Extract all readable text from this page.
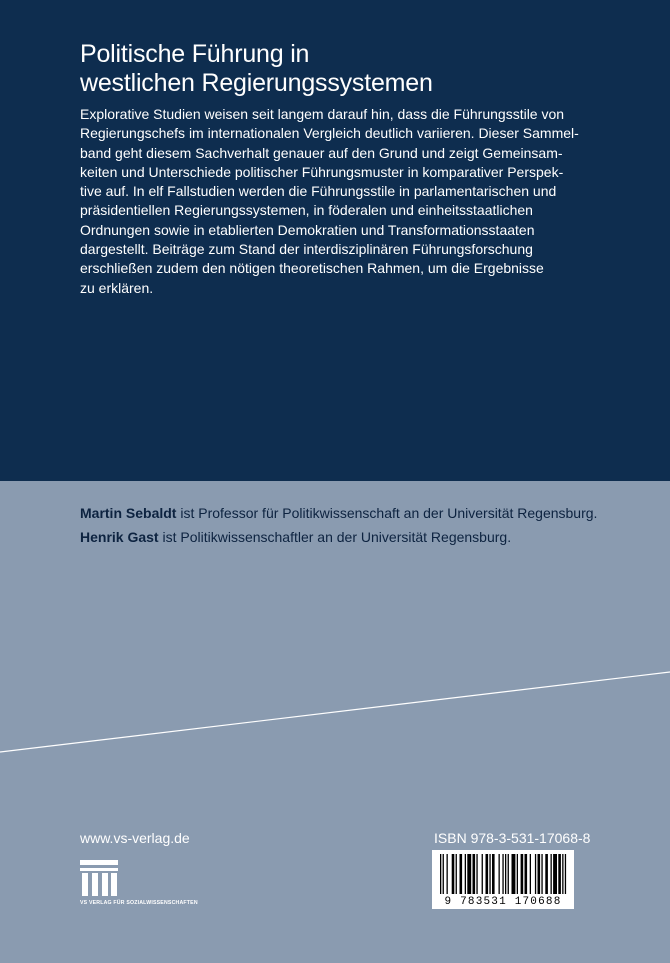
Politische Führung in
westlichen Regierungssystemen
Explorative Studien weisen seit langem darauf hin, dass die Führungsstile von
Regierungschefs im internationalen Vergleich deutlich variieren. Dieser Sammel-
band geht diesem Sachverhalt genauer auf den Grund und zeigt Gemeinsam-
keiten und Unterschiede politischer Führungsmuster in komparativer Perspek-
tive auf. In elf Fallstudien werden die Führungsstile in parlamentarischen und
präsidentiellen Regierungssystemen, in föderalen und einheitsstaatlichen
Ordnungen sowie in etablierten Demokratien und Transformationsstaaten
dargestellt. Beiträge zum Stand der interdisziplinären Führungsforschung
erschließen zudem den nötigen theoretischen Rahmen, um die Ergebnisse
zu erklären.

Martin Sebaldt ist Professor für Politikwissenschaft an der Universität Regensburg.

Henrik Gast ist Politikwissenschaftler an der Universität Regensburg.

www.vs-verlag.de
VS VERLAG FÜR SOZIALWISSENSCHAFTEN
ISBN 978-3-531-17068-8
9 783531 170688
